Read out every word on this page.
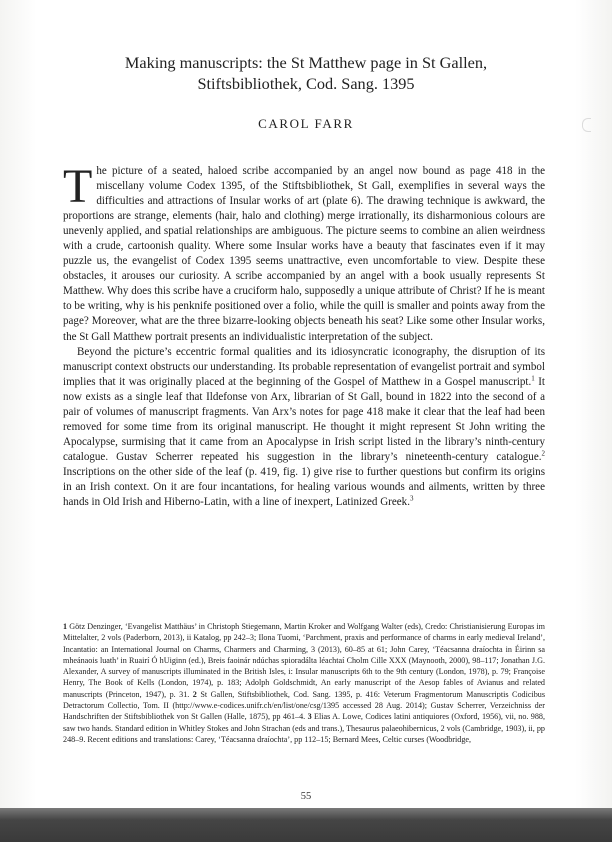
Making manuscripts: the St Matthew page in St Gallen,
Stiftsbibliothek, Cod. Sang. 1395
CAROL FARR

The picture of a seated, haloed scribe accompanied by an angel now bound as page 418 in the miscellany volume Codex 1395, of the Stiftsbibliothek, St Gall, exemplifies in several ways the difficulties and attractions of Insular works of art (plate 6). The drawing technique is awkward, the proportions are strange, elements (hair, halo and clothing) merge irrationally, its disharmonious colours are unevenly applied, and spatial relationships are ambiguous. The picture seems to combine an alien weirdness with a crude, cartoonish quality. Where some Insular works have a beauty that fascinates even if it may puzzle us, the evangelist of Codex 1395 seems unattractive, even uncomfortable to view. Despite these obstacles, it arouses our curiosity. A scribe accompanied by an angel with a book usually represents St Matthew. Why does this scribe have a cruciform halo, supposedly a unique attribute of Christ? If he is meant to be writing, why is his penknife positioned over a folio, while the quill is smaller and points away from the page? Moreover, what are the three bizarre-looking objects beneath his seat? Like some other Insular works, the St Gall Matthew portrait presents an individualistic interpretation of the subject.

Beyond the picture’s eccentric formal qualities and its idiosyncratic iconography, the disruption of its manuscript context obstructs our understanding. Its probable representation of evangelist portrait and symbol implies that it was originally placed at the beginning of the Gospel of Matthew in a Gospel manuscript.$^1$ It now exists as a single leaf that Ildefonse von Arx, librarian of St Gall, bound in 1822 into the second of a pair of volumes of manuscript fragments. Van Arx’s notes for page 418 make it clear that the leaf had been removed for some time from its original manuscript. He thought it might represent St John writing the Apocalypse, surmising that it came from an Apocalypse in Irish script listed in the library’s ninth-century catalogue. Gustav Scherrer repeated his suggestion in the library’s nineteenth-century catalogue.$^2$ Inscriptions on the other side of the leaf (p. 419, fig. 1) give rise to further questions but confirm its origins in an Irish context. On it are four incantations, for healing various wounds and ailments, written by three hands in Old Irish and Hiberno-Latin, with a line of inexpert, Latinized Greek.$^3$

1 Götz Denzinger, ‘Evangelist Matthäus’ in Christoph Stiegemann, Martin Kroker and Wolfgang Walter (eds), Credo: Christianisierung Europas im Mittelalter, 2 vols (Paderborn, 2013), ii Katalog, pp 242–3; Ilona Tuomi, ‘Parchment, praxis and performance of charms in early medieval Ireland’, Incantatio: an International Journal on Charms, Charmers and Charming, 3 (2013), 60–85 at 61; John Carey, ‘Téacsanna draíochta in Éirinn sa mheánaois luath’ in Ruairí Ó hUiginn (ed.), Breis faoinár ndúchas spioradálta léachtaí Cholm Cille XXX (Maynooth, 2000), 98–117; Jonathan J.G. Alexander, A survey of manuscripts illuminated in the British Isles, i: Insular manuscripts 6th to the 9th century (London, 1978), p. 79; Françoise Henry, The Book of Kells (London, 1974), p. 183; Adolph Goldschmidt, An early manuscript of the Aesop fables of Avianus and related manuscripts (Princeton, 1947), p. 31. 2 St Gallen, Stiftsbibliothek, Cod. Sang. 1395, p. 416: Veterum Fragmentorum Manuscriptis Codicibus Detractorum Collectio, Tom. II (http://www.e-codices.unifr.ch/en/list/one/csg/1395 accessed 28 Aug. 2014); Gustav Scherrer, Verzeichniss der Handschriften der Stiftsbibliothek von St Gallen (Halle, 1875), pp 461–4. 3 Elias A. Lowe, Codices latini antiquiores (Oxford, 1956), vii, no. 988, saw two hands. Standard edition in Whitley Stokes and John Strachan (eds and trans.), Thesaurus palaeohibernicus, 2 vols (Cambridge, 1903), ii, pp 248–9. Recent editions and translations: Carey, ‘Téacsanna draíochta’, pp 112–15; Bernard Mees, Celtic curses (Woodbridge,

55
